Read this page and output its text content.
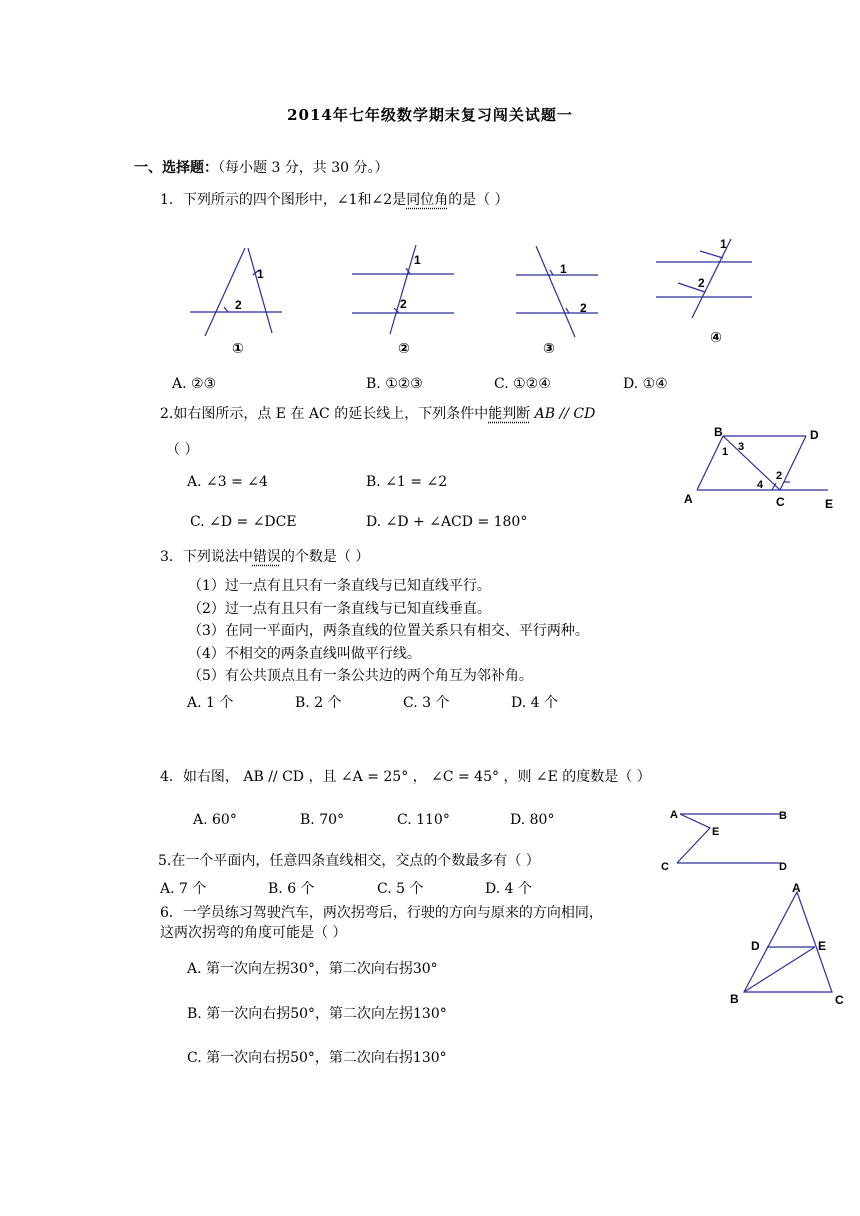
2014年七年级数学期末复习闯关试题一
一、选择题：（每小题 3 分，共 30 分。）
1．下列所示的四个图形中，∠1和∠2是同位角的是（ ）
1
2
1
2
1
2
1
2
①	②	③
④
A. ②③	B. ①②③	C. ①②④	D. ①④
2.如右图所示，点 E 在 AC 的延长线上，下列条件中能判断 AB // CD
（ ）
A. ∠3 = ∠4	B. ∠1 = ∠2
C. ∠D = ∠DCE	D. ∠D + ∠ACD = 180°
B	D
A	C	E
1
2
3
4
3．下列说法中错误的个数是（ ）
（1）过一点有且只有一条直线与已知直线平行。
（2）过一点有且只有一条直线与已知直线垂直。
（3）在同一平面内，两条直线的位置关系只有相交、平行两种。
（4）不相交的两条直线叫做平行线。
（5）有公共顶点且有一条公共边的两个角互为邻补角。
A. 1 个	B. 2 个	C. 3 个	D. 4 个
4．如右图， AB // CD ，且 ∠A = 25° ， ∠C = 45° ，则 ∠E 的度数是（ ）
A. 60°	B. 70°	C. 110°	D. 80°	A	B
E
C	D
5.在一个平面内，任意四条直线相交，交点的个数最多有（ ）
A. 7 个	B. 6 个	C. 5 个	D. 4 个
6．一学员练习驾驶汽车，两次拐弯后，行驶的方向与原来的方向相同，
这两次拐弯的角度可能是（ ）
A. 第一次向左拐30°，第二次向右拐30°
B. 第一次向右拐50°，第二次向左拐130°
C. 第一次向右拐50°，第二次向右拐130°
A
D	E
B	C
